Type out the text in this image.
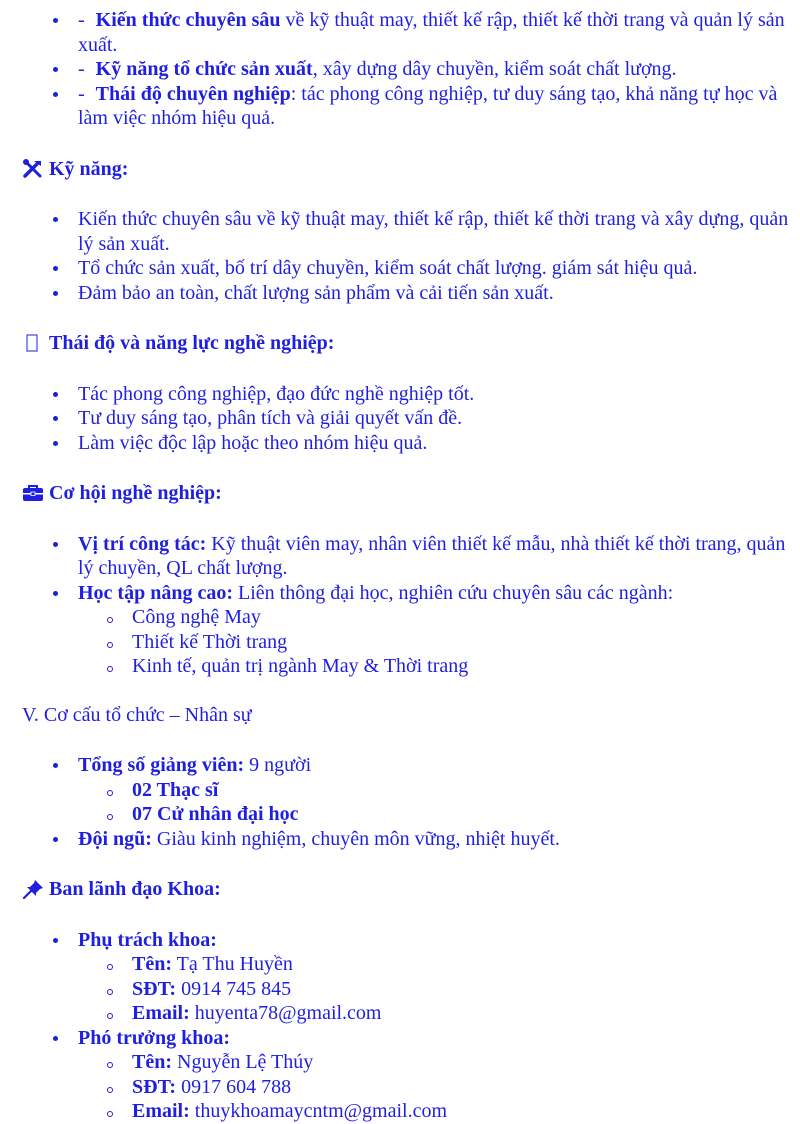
- Kiến thức chuyên sâu về kỹ thuật may, thiết kế rập, thiết kế thời trang và quản lý sản xuất.
- Kỹ năng tổ chức sản xuất, xây dựng dây chuyền, kiểm soát chất lượng.
- Thái độ chuyên nghiệp: tác phong công nghiệp, tư duy sáng tạo, khả năng tự học và làm việc nhóm hiệu quả.
Kỹ năng:
Kiến thức chuyên sâu về kỹ thuật may, thiết kế rập, thiết kế thời trang và xây dựng, quản lý sản xuất.
Tổ chức sản xuất, bố trí dây chuyền, kiểm soát chất lượng. giám sát hiệu quả.
Đảm bảo an toàn, chất lượng sản phẩm và cải tiến sản xuất.
Thái độ và năng lực nghề nghiệp:
Tác phong công nghiệp, đạo đức nghề nghiệp tốt.
Tư duy sáng tạo, phân tích và giải quyết vấn đề.
Làm việc độc lập hoặc theo nhóm hiệu quả.
Cơ hội nghề nghiệp:
Vị trí công tác: Kỹ thuật viên may, nhân viên thiết kế mẫu, nhà thiết kế thời trang, quản lý chuyền, QL chất lượng.
Học tập nâng cao: Liên thông đại học, nghiên cứu chuyên sâu các ngành:
Công nghệ May
Thiết kế Thời trang
Kinh tế, quản trị ngành May & Thời trang
V. Cơ cấu tổ chức – Nhân sự
Tổng số giảng viên: 9 người
02 Thạc sĩ
07 Cử nhân đại học
Đội ngũ: Giàu kinh nghiệm, chuyên môn vững, nhiệt huyết.
Ban lãnh đạo Khoa:
Phụ trách khoa:
Tên: Tạ Thu Huyền
SĐT: 0914 745 845
Email: huyenta78@gmail.com
Phó trưởng khoa:
Tên: Nguyễn Lệ Thúy
SĐT: 0917 604 788
Email: thuykhoamaycntm@gmail.com
